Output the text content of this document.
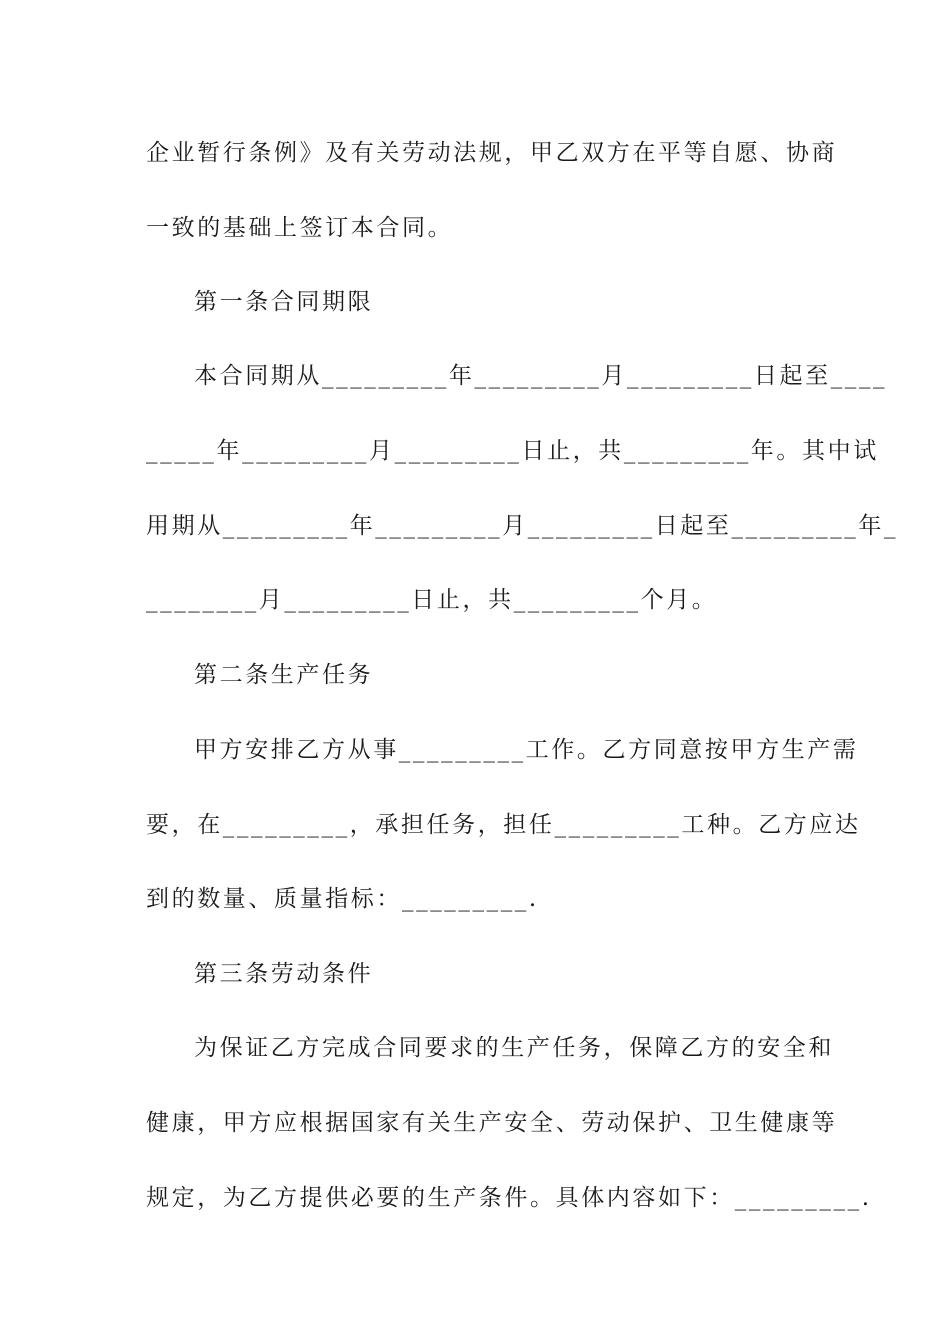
企业暂行条例》及有关劳动法规，甲乙双方在平等自愿、协商
一致的基础上签订本合同。
第一条合同期限
本合同期从_________年_________月_________日起至____
_____年_________月_________日止，共_________年。其中试
用期从_________年_________月_________日起至_________年_
________月_________日止，共_________个月。
第二条生产任务
甲方安排乙方从事_________工作。乙方同意按甲方生产需
要，在_________，承担任务，担任_________工种。乙方应达
到的数量、质量指标：_________.
第三条劳动条件
为保证乙方完成合同要求的生产任务，保障乙方的安全和
健康，甲方应根据国家有关生产安全、劳动保护、卫生健康等
规定，为乙方提供必要的生产条件。具体内容如下：_________.
